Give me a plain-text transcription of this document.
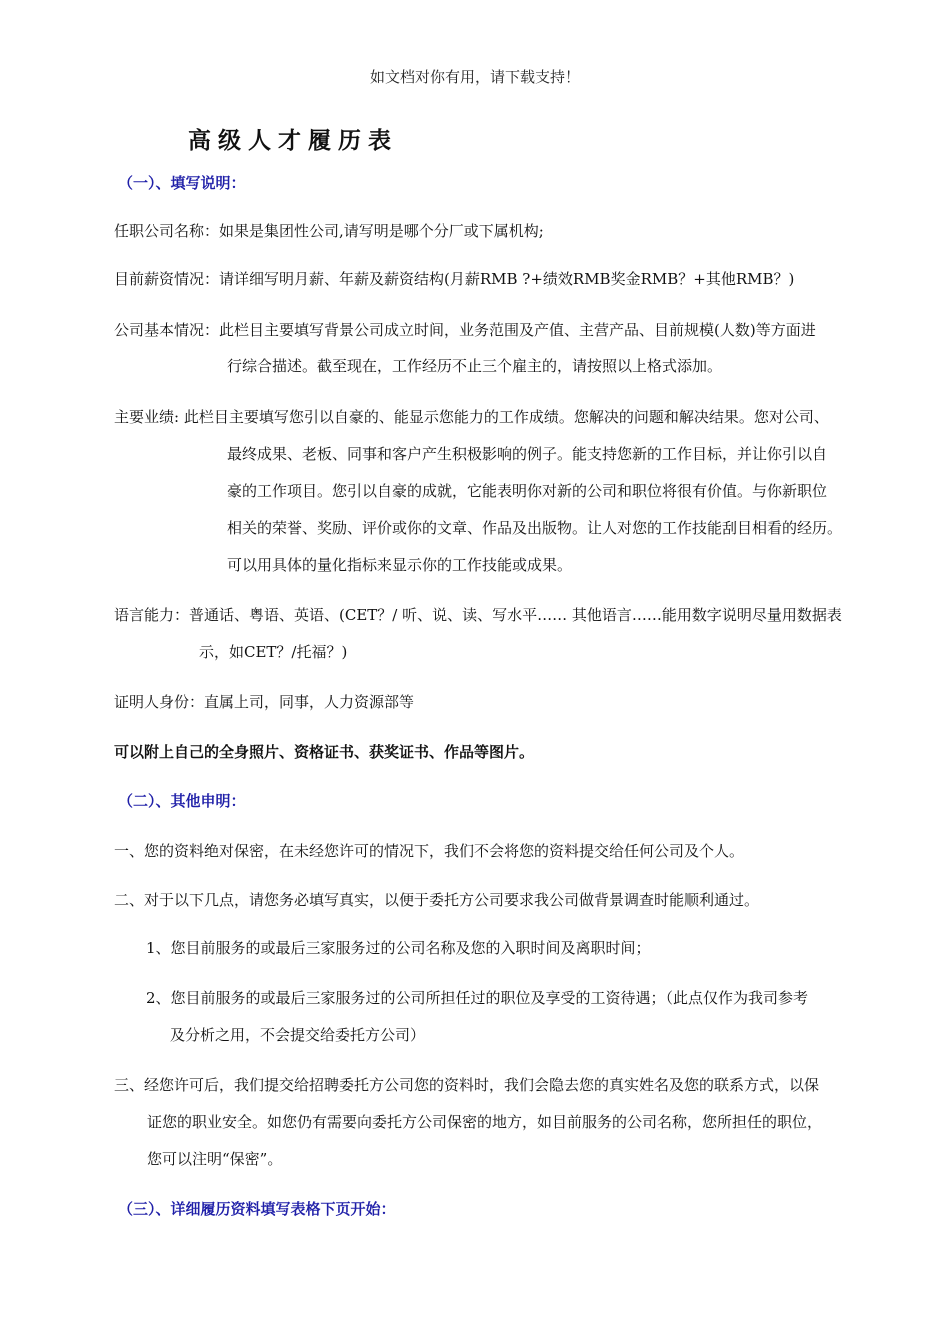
如文档对你有用，请下载支持！
高级人才履历表
（一）、填写说明：
任职公司名称：如果是集团性公司,请写明是哪个分厂或下属机构;
目前薪资情况：请详细写明月薪、年薪及薪资结构(月薪RMB ?+绩效RMB奖金RMB？+其他RMB？)
公司基本情况：此栏目主要填写背景公司成立时间，业务范围及产值、主营产品、目前规模(人数)等方面进
行综合描述。截至现在，工作经历不止三个雇主的，请按照以上格式添加。
主要业绩: 此栏目主要填写您引以自豪的、能显示您能力的工作成绩。您解决的问题和解决结果。您对公司、
最终成果、老板、同事和客户产生积极影响的例子。能支持您新的工作目标，并让你引以自
豪的工作项目。您引以自豪的成就，它能表明你对新的公司和职位将很有价值。与你新职位
相关的荣誉、奖励、评价或你的文章、作品及出版物。让人对您的工作技能刮目相看的经历。
可以用具体的量化指标来显示你的工作技能或成果。
语言能力：普通话、粤语、英语、(CET？/ 听、说、读、写水平…… 其他语言……能用数字说明尽量用数据表
示，如CET？/托福？)
证明人身份：直属上司，同事，人力资源部等
可以附上自己的全身照片、资格证书、获奖证书、作品等图片。
（二）、其他申明：
一、您的资料绝对保密，在未经您许可的情况下，我们不会将您的资料提交给任何公司及个人。
二、对于以下几点，请您务必填写真实，以便于委托方公司要求我公司做背景调查时能顺利通过。
1、您目前服务的或最后三家服务过的公司名称及您的入职时间及离职时间；
2、您目前服务的或最后三家服务过的公司所担任过的职位及享受的工资待遇；（此点仅作为我司参考
及分析之用，不会提交给委托方公司）
三、经您许可后，我们提交给招聘委托方公司您的资料时，我们会隐去您的真实姓名及您的联系方式，以保
证您的职业安全。如您仍有需要向委托方公司保密的地方，如目前服务的公司名称，您所担任的职位，
您可以注明“保密”。
（三）、详细履历资料填写表格下页开始：
